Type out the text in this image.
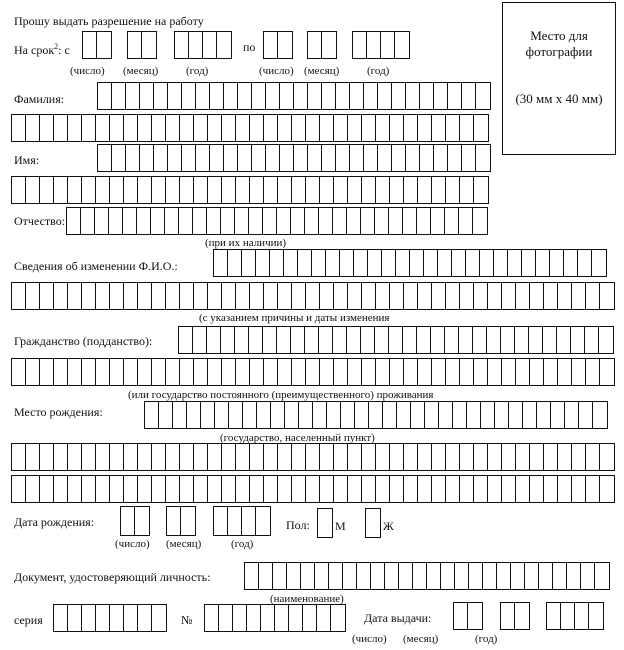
Прошу выдать разрешение на работу
На срок$^2$: с	по
(число) (месяц)	(год)	(число) (месяц)	(год)
Место для фотографии
(30 мм х 40 мм)
Фамилия:
Имя:
Отчество:
(при их наличии)
Сведения об изменении Ф.И.О.:
(с указанием причины и даты изменения
Гражданство (подданство):
(или государство постоянного (преимущественного) проживания
Место рождения:
(государство, населенный пункт)
Дата рождения:	Пол: М	Ж
(число) (месяц)	(год)
Документ, удостоверяющий личность:
(наименование)
серия	№	Дата выдачи:
(число) (месяц)	(год)
